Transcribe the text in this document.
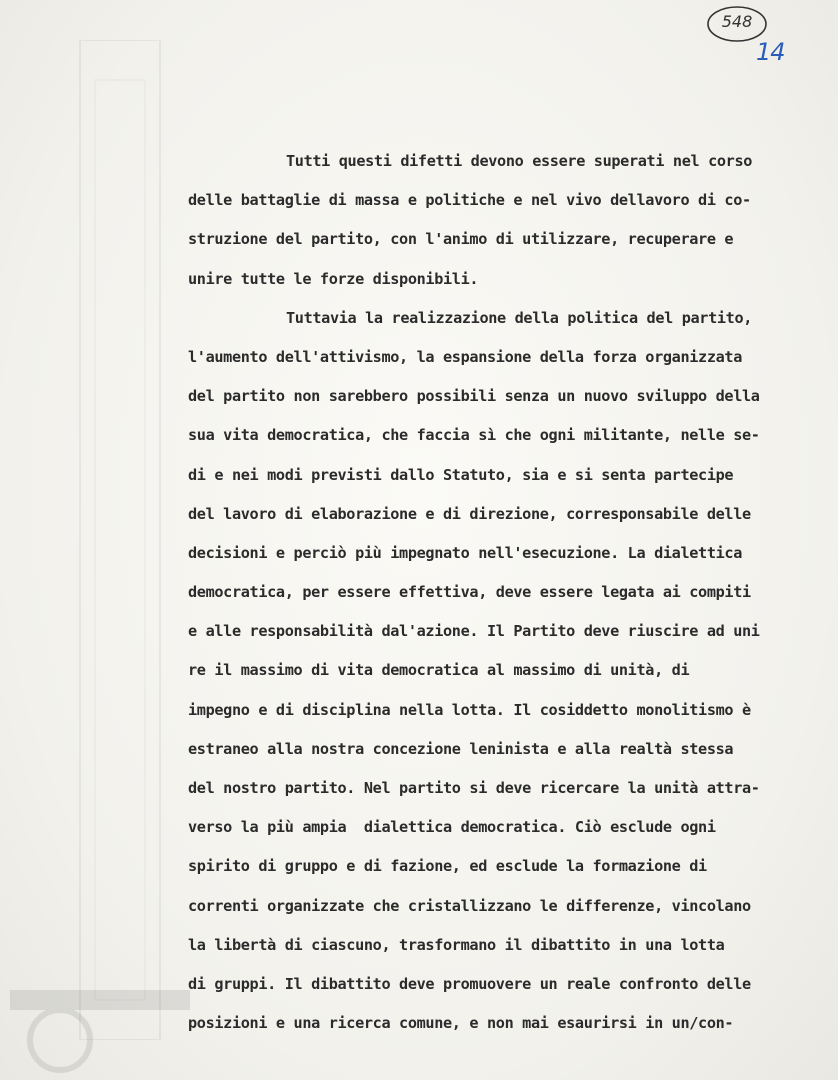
548
14
Tutti questi difetti devono essere superati nel corso
delle battaglie di massa e politiche e nel vivo dellavoro di co-
struzione del partito, con l'animo di utilizzare, recuperare e
unire tutte le forze disponibili.
Tuttavia la realizzazione della politica del partito,
l'aumento dell'attivismo, la espansione della forza organizzata
del partito non sarebbero possibili senza un nuovo sviluppo della
sua vita democratica, che faccia sì che ogni militante, nelle se-
di e nei modi previsti dallo Statuto, sia e si senta partecipe
del lavoro di elaborazione e di direzione, corresponsabile delle
decisioni e perciò più impegnato nell'esecuzione. La dialettica
democratica, per essere effettiva, deve essere legata ai compiti
e alle responsabilità dal'azione. Il Partito deve riuscire ad uni
re il massimo di vita democratica al massimo di unità, di
impegno e di disciplina nella lotta. Il cosiddetto monolitismo è
estraneo alla nostra concezione leninista e alla realtà stessa
del nostro partito. Nel partito si deve ricercare la unità attra-
verso la più ampia  dialettica democratica. Ciò esclude ogni
spirito di gruppo e di fazione, ed esclude la formazione di
correnti organizzate che cristallizzano le differenze, vincolano
la libertà di ciascuno, trasformano il dibattito in una lotta
di gruppi. Il dibattito deve promuovere un reale confronto delle
posizioni e una ricerca comune, e non mai esaurirsi in un/con-
